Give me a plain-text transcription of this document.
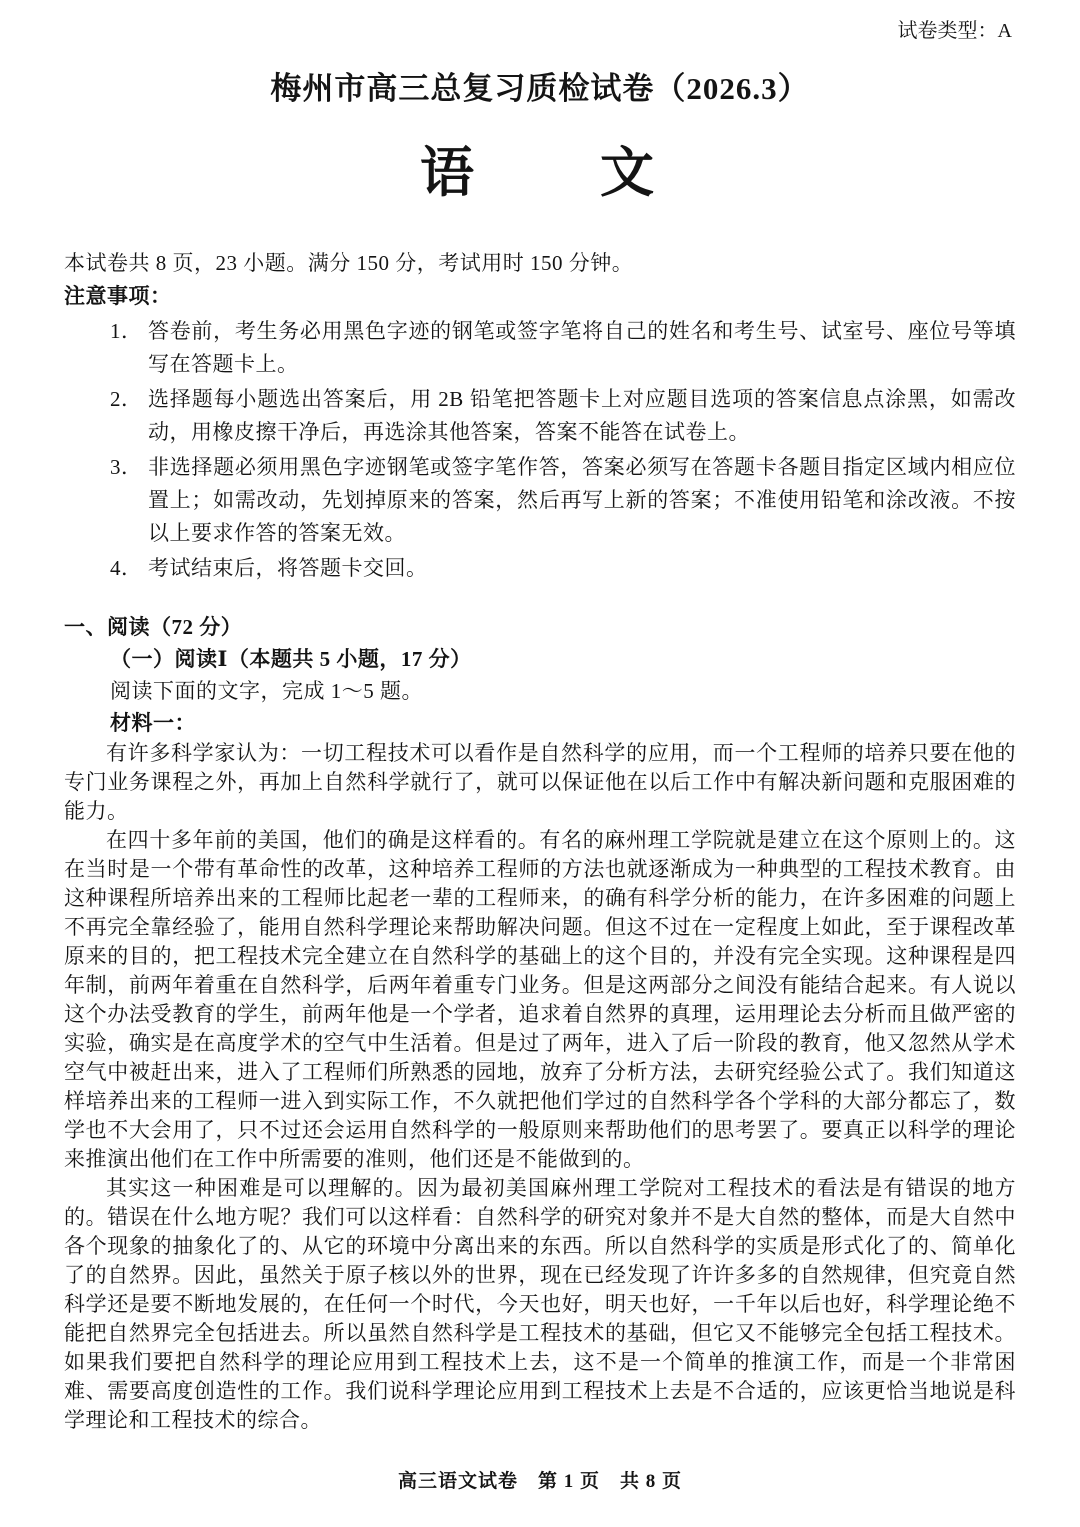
试卷类型：A
梅州市高三总复习质检试卷（2026.3）
语　　文
本试卷共 8 页，23 小题。满分 150 分，考试用时 150 分钟。
注意事项：
1． 答卷前，考生务必用黑色字迹的钢笔或签字笔将自己的姓名和考生号、试室号、座位号等填写在答题卡上。
2． 选择题每小题选出答案后，用 2B 铅笔把答题卡上对应题目选项的答案信息点涂黑，如需改动，用橡皮擦干净后，再选涂其他答案，答案不能答在试卷上。
3． 非选择题必须用黑色字迹钢笔或签字笔作答，答案必须写在答题卡各题目指定区域内相应位置上；如需改动，先划掉原来的答案，然后再写上新的答案；不准使用铅笔和涂改液。不按以上要求作答的答案无效。
4． 考试结束后，将答题卡交回。
一、阅读（72 分）
（一）阅读Ⅰ（本题共 5 小题，17 分）
阅读下面的文字，完成 1～5 题。
材料一：

有许多科学家认为：一切工程技术可以看作是自然科学的应用，而一个工程师的培养只要在他的专门业务课程之外，再加上自然科学就行了，就可以保证他在以后工作中有解决新问题和克服困难的能力。

在四十多年前的美国，他们的确是这样看的。有名的麻州理工学院就是建立在这个原则上的。这在当时是一个带有革命性的改革，这种培养工程师的方法也就逐渐成为一种典型的工程技术教育。由这种课程所培养出来的工程师比起老一辈的工程师来，的确有科学分析的能力，在许多困难的问题上不再完全靠经验了，能用自然科学理论来帮助解决问题。但这不过在一定程度上如此，至于课程改革原来的目的，把工程技术完全建立在自然科学的基础上的这个目的，并没有完全实现。这种课程是四年制，前两年着重在自然科学，后两年着重专门业务。但是这两部分之间没有能结合起来。有人说以这个办法受教育的学生，前两年他是一个学者，追求着自然界的真理，运用理论去分析而且做严密的实验，确实是在高度学术的空气中生活着。但是过了两年，进入了后一阶段的教育，他又忽然从学术空气中被赶出来，进入了工程师们所熟悉的园地，放弃了分析方法，去研究经验公式了。我们知道这样培养出来的工程师一进入到实际工作，不久就把他们学过的自然科学各个学科的大部分都忘了，数学也不大会用了，只不过还会运用自然科学的一般原则来帮助他们的思考罢了。要真正以科学的理论来推演出他们在工作中所需要的准则，他们还是不能做到的。

其实这一种困难是可以理解的。因为最初美国麻州理工学院对工程技术的看法是有错误的地方的。错误在什么地方呢？我们可以这样看：自然科学的研究对象并不是大自然的整体，而是大自然中各个现象的抽象化了的、从它的环境中分离出来的东西。所以自然科学的实质是形式化了的、简单化了的自然界。因此，虽然关于原子核以外的世界，现在已经发现了许许多多的自然规律，但究竟自然科学还是要不断地发展的，在任何一个时代，今天也好，明天也好，一千年以后也好，科学理论绝不能把自然界完全包括进去。所以虽然自然科学是工程技术的基础，但它又不能够完全包括工程技术。如果我们要把自然科学的理论应用到工程技术上去，这不是一个简单的推演工作，而是一个非常困难、需要高度创造性的工作。我们说科学理论应用到工程技术上去是不合适的，应该更恰当地说是科学理论和工程技术的综合。

高三语文试卷　第 1 页　共 8 页
